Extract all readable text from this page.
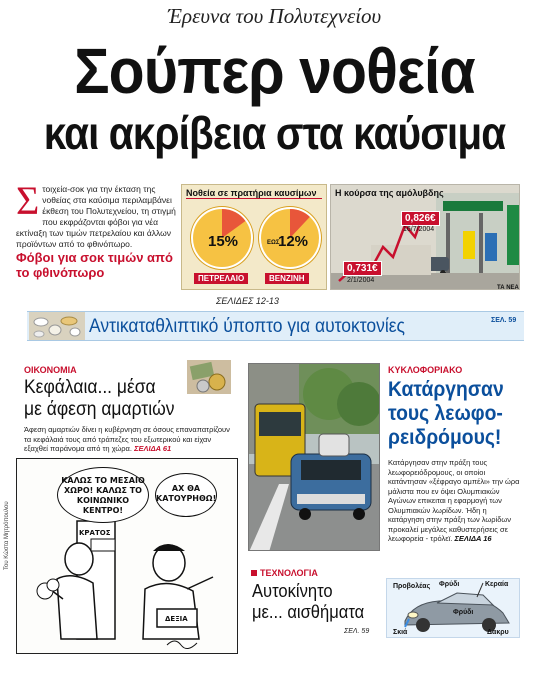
Έρευνα του Πολυτεχνείου
Σούπερ νοθεία
και ακρίβεια στα καύσιμα
Σ τοιχεία-σοκ για την έκταση της νοθείας στα καύσιμα περιλαμβάνει έκθεση του Πολυτεχνείου, τη στιγμή που εκφράζονται φόβοι για νέα εκτίναξη των τιμών πετρελαίου και άλλων προϊόντων από το φθινόπωρο.
Φόβοι για σοκ τιμών από το φθινόπωρο
Νοθεία σε πρατήρια καυσίμων
15%
ΠΕΤΡΕΛΑΙΟ
12%
ΕΩΣ
ΒΕΝΖΙΝΗ
Η κούρσα της αμόλυβδης
0,826€
16/7/2004
0,731€
2/1/2004
ΤΑ ΝΕΑ
ΣΕΛΙΔΕΣ 12-13
Αντικαταθλιπτικό ύποπτο για αυτοκτονίες	ΣΕΛ. 59
ΟΙΚΟΝΟΜΙΑ
Κεφάλαια... μέσα
με άφεση αμαρτιών
Άφεση αμαρτιών δίνει η κυβέρνηση σε όσους επαναπατρίζουν τα κεφάλαιά τους από τράπεζες του εξωτερικού και είχαν εξαχθεί παράνομα από τη χώρα. ΣΕΛΙΔΑ 61
ΚΑΛΩΣ ΤΟ ΜΕΣΑΙΟ ΧΩΡΟ! ΚΑΛΩΣ ΤΟ ΚΟΙΝΩΝΙΚΟ ΚΕΝΤΡΟ!
ΑΧ ΘΑ ΚΑΤΟΥΡΗΘΩ!
ΚΡΑΤΟΣ
ΔΕΞΙΑ
Του Κώστα Μητρόπουλου
ΚΥΚΛΟΦΟΡΙΑΚΟ
Κατάργησαν
τους λεωφο-
ρειδρόμους!
Κατάργησαν στην πράξη τους λεωφορειόδρομους, οι οποίοι κατάντησαν «ξέφραγο αμπέλι» την ώρα μάλιστα που εν όψει Ολυμπιακών Αγώνων επικειται η εφαρμογή των Ολυμπιακών λωρίδων. Ήδη η κατάργηση στην πράξη των λωρίδων προκαλεί μεγάλες καθυστερήσεις σε λεωφορεία - τρόλεϊ. ΣΕΛΙΔΑ 16
ΤΕΧΝΟΛΟΓΙΑ
Αυτοκίνητο
με... αισθήματα
ΣΕΛ. 59
Προβολέας Φρύδι	Κεραία
Φρύδι
Σκιά	Δάκρυ
